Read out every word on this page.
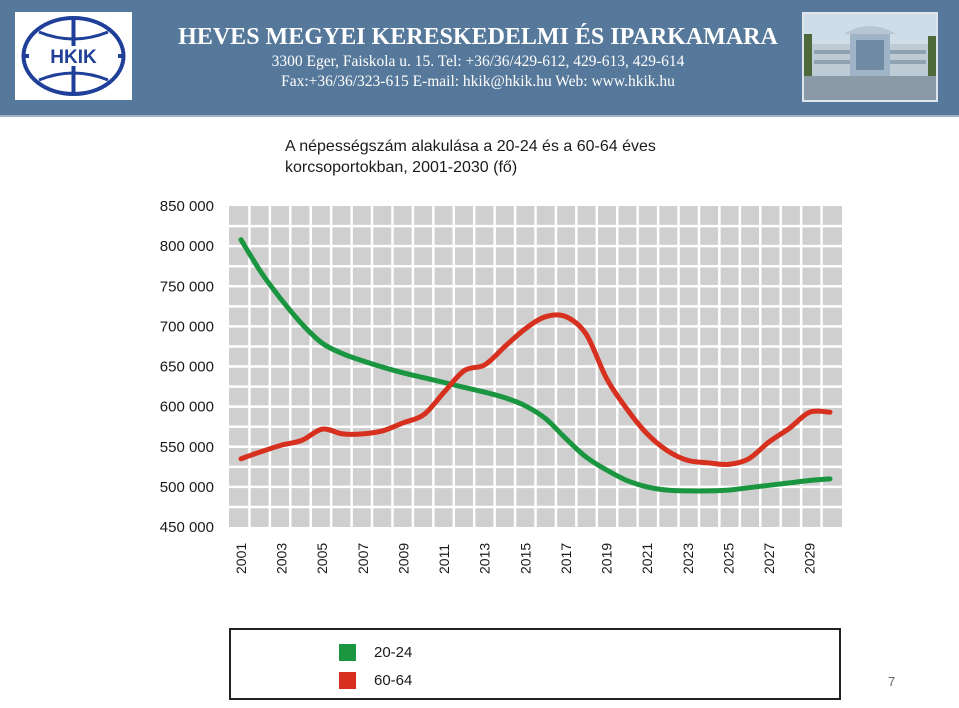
HKIK
HEVES MEGYEI KERESKEDELMI ÉS IPARKAMARA
3300 Eger, Faiskola u. 15. Tel: +36/36/429-612, 429-613, 429-614
Fax:+36/36/323-615 E-mail: hkik@hkik.hu Web: www.hkik.hu
A népességszám alakulása a 20-24 és a 60-64 éves
korcsoportokban, 2001-2030 (fő)
450 000
500 000
550 000
600 000
650 000
700 000
750 000
800 000
850 000
2001 2003 2005 2007 2009 2011 2013 2015 2017 2019 2021 2023 2025 2027 2029
20-24
60-64	7
